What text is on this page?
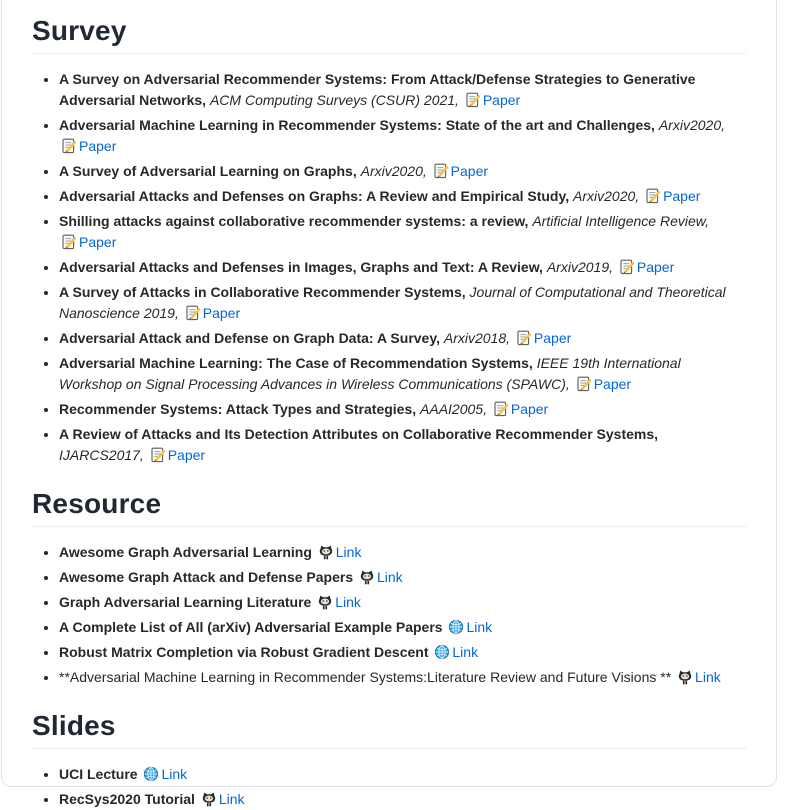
Survey
• A Survey on Adversarial Recommender Systems: From Attack/Defense Strategies to Generative Adversarial Networks, ACM Computing Surveys (CSUR) 2021, Paper
• Adversarial Machine Learning in Recommender Systems: State of the art and Challenges, Arxiv2020, Paper
• A Survey of Adversarial Learning on Graphs, Arxiv2020, Paper
• Adversarial Attacks and Defenses on Graphs: A Review and Empirical Study, Arxiv2020, Paper
• Shilling attacks against collaborative recommender systems: a review, Artificial Intelligence Review, Paper
• Adversarial Attacks and Defenses in Images, Graphs and Text: A Review, Arxiv2019, Paper
• A Survey of Attacks in Collaborative Recommender Systems, Journal of Computational and Theoretical Nanoscience 2019, Paper
• Adversarial Attack and Defense on Graph Data: A Survey, Arxiv2018, Paper
• Adversarial Machine Learning: The Case of Recommendation Systems, IEEE 19th International Workshop on Signal Processing Advances in Wireless Communications (SPAWC), Paper
• Recommender Systems: Attack Types and Strategies, AAAI2005, Paper
• A Review of Attacks and Its Detection Attributes on Collaborative Recommender Systems, IJARCS2017, Paper
Resource
• Awesome Graph Adversarial Learning Link
• Awesome Graph Attack and Defense Papers Link
• Graph Adversarial Learning Literature Link
• A Complete List of All (arXiv) Adversarial Example Papers Link
• Robust Matrix Completion via Robust Gradient Descent Link
• **Adversarial Machine Learning in Recommender Systems:Literature Review and Future Visions ** Link
Slides
• UCI Lecture Link
• RecSys2020 Tutorial Link
